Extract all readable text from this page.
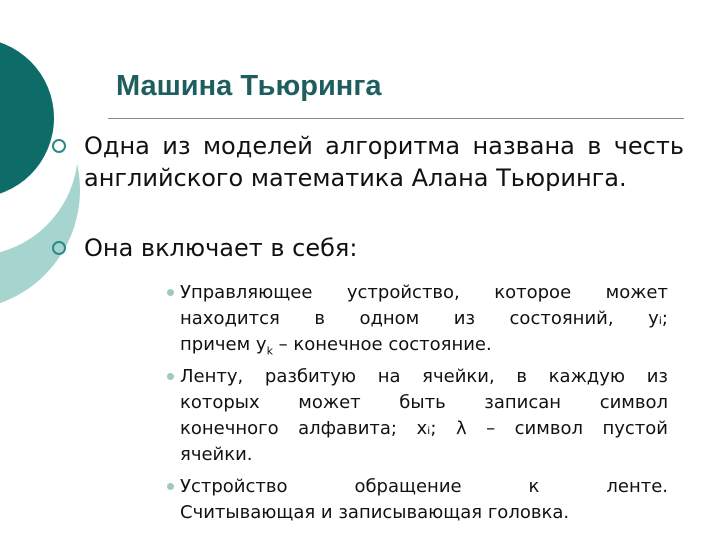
Машина Тьюринга
Одна из моделей алгоритма названа в честь английского математика Алана Тьюринга.
Она включает в себя:
Управляющее устройство, которое может
находится в одном из состояний, yᵢ;
причем $y_k$ – конечное состояние.
Ленту, разбитую на ячейки, в каждую из
которых может быть записан символ
конечного алфавита; xᵢ; λ – символ пустой
ячейки.
Устройство обращение к ленте.
Считывающая и записывающая головка.
